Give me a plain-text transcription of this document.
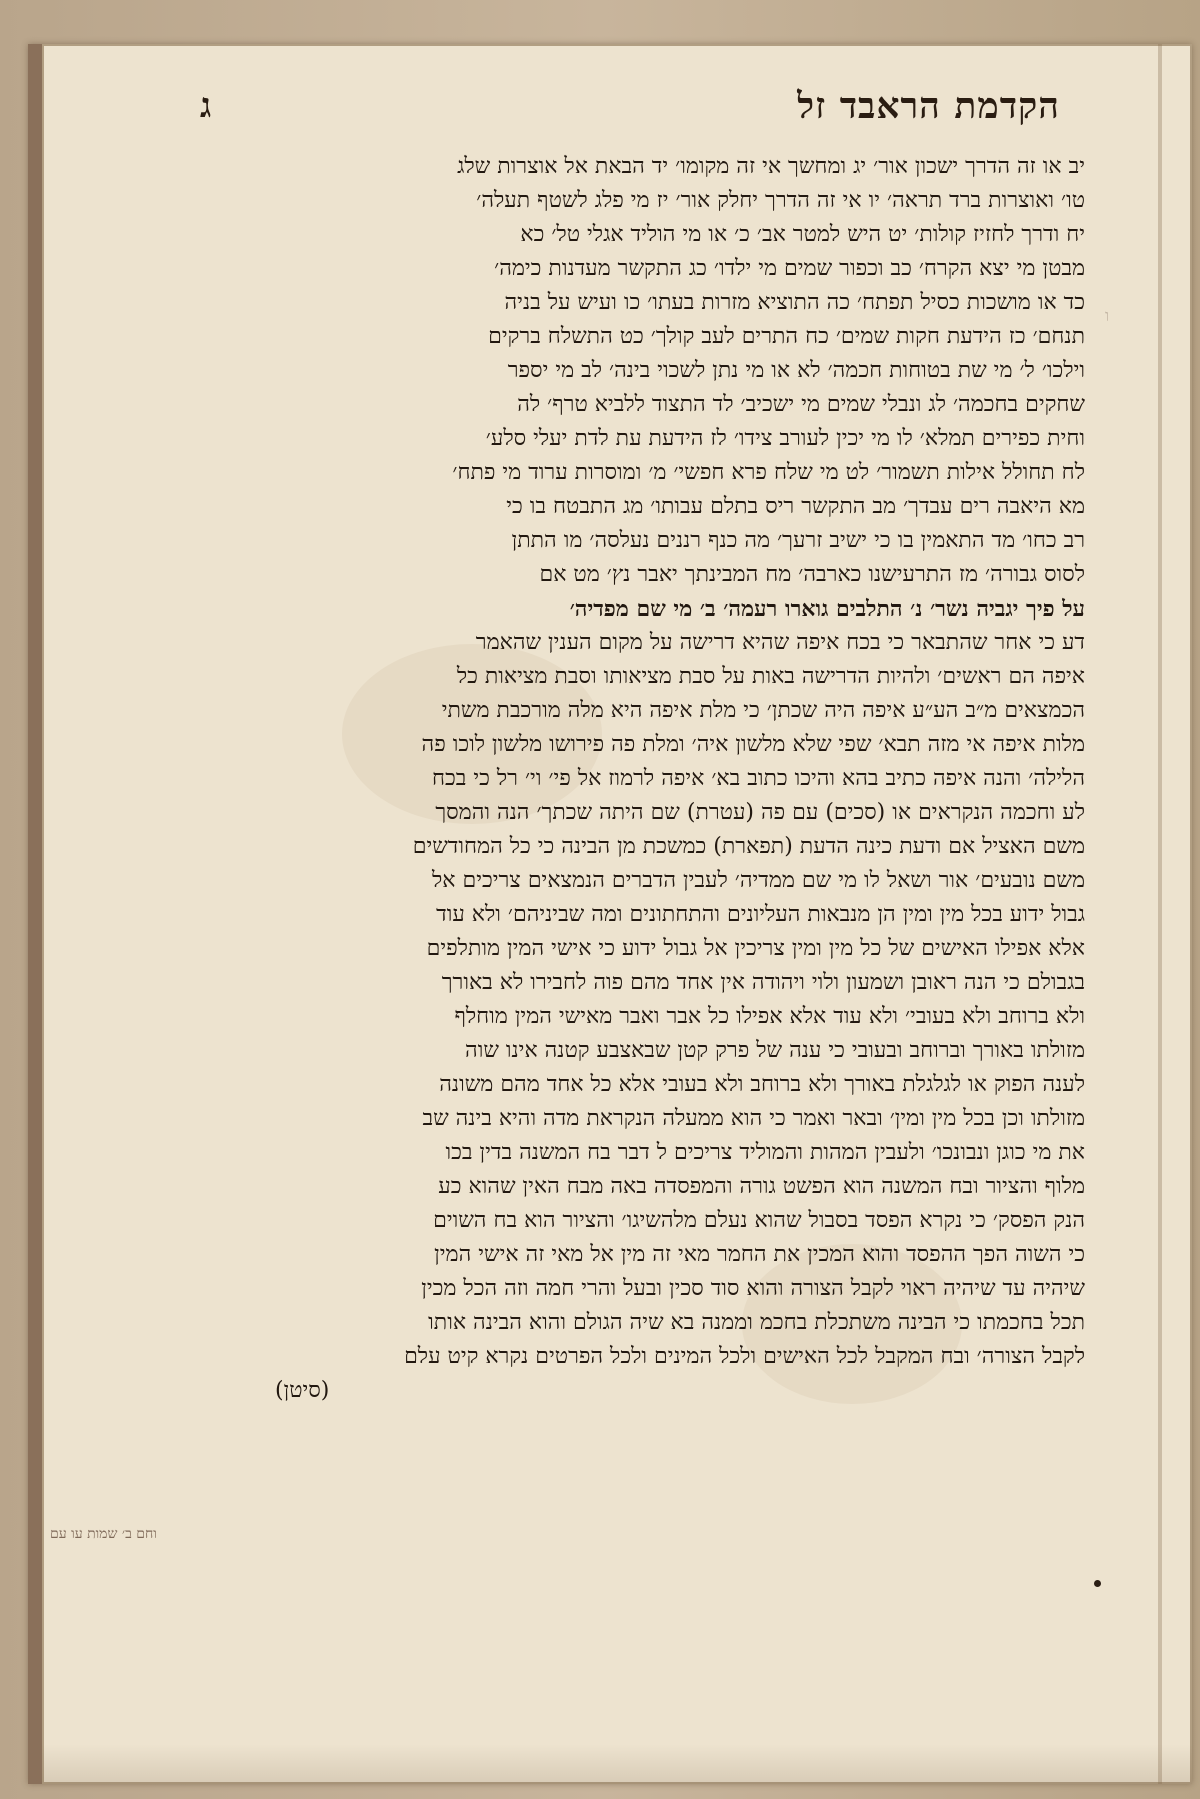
הקדמת הראבד זל
ג
יב או זה הדרך ישכון אור׳ יג ומחשך אי זה מקומו׳ יד הבאת אל אוצרות שלג
טו׳ ואוצרות ברד תראה׳ יו אי זה הדרך יחלק אור׳ יז מי פלג לשטף תעלה׳
יח ודרך לחזיז קולות׳ יט היש למטר אב׳ כ׳ או מי הוליד אגלי טל׳ כא
מבטן מי יצא הקרח׳ כב וכפור שמים מי ילדו׳ כג התקשר מעדנות כימה׳
כד או מושכות כסיל תפתח׳ כה התוציא מזרות בעתו׳ כו ועיש על בניה
תנחם׳ כז הידעת חקות שמים׳ כח התרים לעב קולך׳ כט התשלח ברקים
וילכו׳ ל׳ מי שת בטוחות חכמה׳ לא או מי נתן לשכוי בינה׳ לב מי יספר
שחקים בחכמה׳ לג ונבלי שמים מי ישכיב׳ לד התצוד ללביא טרף׳ לה
וחית כפירים תמלא׳ לו מי יכין לעורב צידו׳ לז הידעת עת לדת יעלי סלע׳
לח תחולל אילות תשמור׳ לט מי שלח פרא חפשי׳ מ׳ ומוסרות ערוד מי פתח׳
מא היאבה רים עבדך׳ מב התקשר ריס בתלם עבותו׳ מג התבטח בו כי
רב כחו׳ מד התאמין בו כי ישיב זרעך׳ מה כנף רננים נעלסה׳ מו התתן
לסוס גבורה׳ מז התרעישנו כארבה׳ מח המבינתך יאבר נץ׳ מט אם
על פיך יגביה נשר׳ נ׳ התלבים גוארו רעמה׳ ב׳ מי שם מפדיה׳
דע כי אחר שהתבאר כי בכח איפה שהיא דרישה על מקום הענין שהאמר
איפה הם ראשים׳ ולהיות הדרישה באות על סבת מציאותו וסבת מציאות כל
הכמצאים מ״ב הע״ע איפה היה שכתן׳ כי מלת איפה היא מלה מורכבת משתי
מלות איפה אי מזה תבא׳ שפי שלא מלשון איה׳ ומלת פה פירושו מלשון לוכו פה
הלילה׳ והנה איפה כתיב בהא והיכו כתוב בא׳ איפה לרמוז אל פי׳ וי׳ רל כי בכח
לע וחכמה הנקראים או (סכים) עם פה (עטרת) שם היתה שכתך׳ הנה והמסך
משם האציל אם ודעת כינה הדעת (תפארת) כמשכת מן הבינה כי כל המחודשים
משם נובעים׳ אור ושאל לו מי שם ממדיה׳ לעבין הדברים הנמצאים צריכים אל
גבול ידוע בכל מין ומין הן מנבאות העליונים והתחתונים ומה שביניהם׳ ולא עוד
אלא אפילו האישים של כל מין ומין צריכין אל גבול ידוע כי אישי המין מותלפים
בגבולם כי הנה ראובן ושמעון ולוי ויהודה אין אחד מהם פוה לחבירו לא באורך
ולא ברוחב ולא בעובי׳ ולא עוד אלא אפילו כל אבר ואבר מאישי המין מוחלף
מזולתו באורך וברוחב ובעובי כי ענה של פרק קטן שבאצבע קטנה אינו שוה
לענה הפוק או לגלגלת באורך ולא ברוחב ולא בעובי אלא כל אחד מהם משונה
מזולתו וכן בכל מין ומין׳ ובאר ואמר כי הוא ממעלה הנקראת מדה והיא בינה שב
את מי כוגן ונבונכו׳ ולעבין המהות והמוליד צריכים ל דבר בח המשנה בדין בכו
מלוף והציור ובח המשנה הוא הפשט גורה והמפסדה באה מבח האין שהוא כע
הנק הפסק׳ כי נקרא הפסד בסבול שהוא נעלם מלהשיגו׳ והציור הוא בח השוים
כי השוה הפך ההפסד והוא המכין את החמר מאי זה מין אל מאי זה אישי המין
שיהיה עד שיהיה ראוי לקבל הצורה והוא סוד סכין ובעל והרי חמה וזה הכל מכין
תכל בחכמתו כי הבינה משתכלת בחכמ וממנה בא שיה הגולם והוא הבינה אותו
לקבל הצורה׳ ובח המקבל לכל האישים ולכל המינים ולכל הפרטים נקרא קיט עלם
(סיטן)
וחם ב׳ שמות עו עם
ו
